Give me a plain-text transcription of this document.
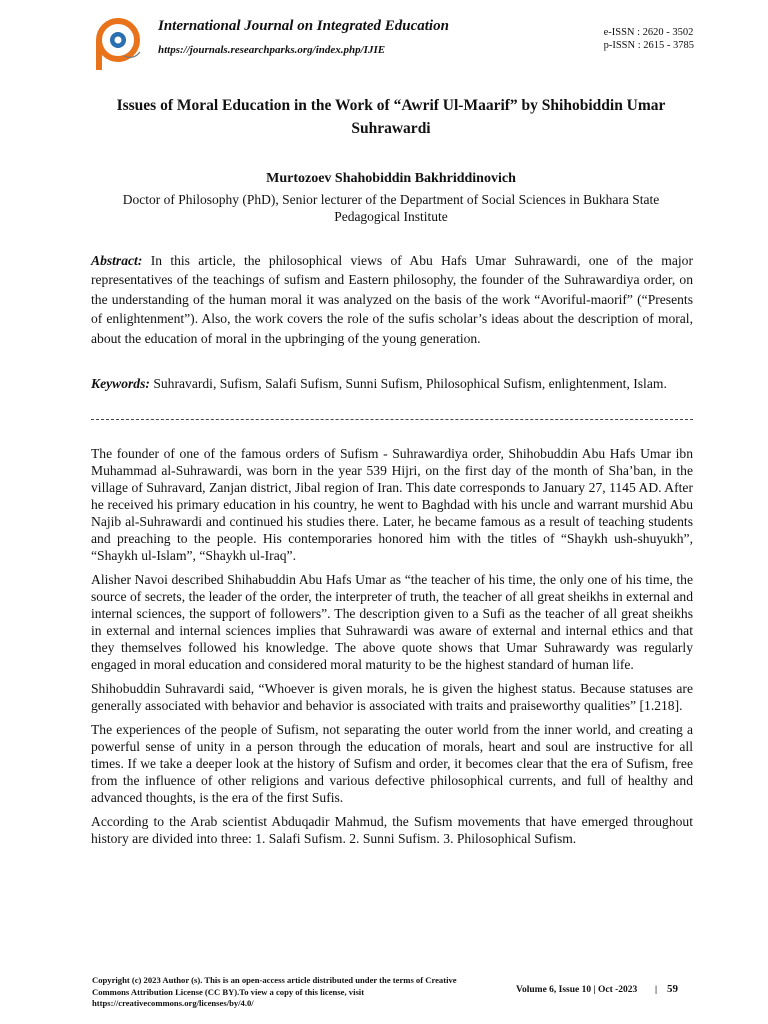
International Journal on Integrated Education
https://journals.researchparks.org/index.php/IJIE
e-ISSN : 2620 - 3502
p-ISSN : 2615 - 3785
Issues of Moral Education in the Work of “Awrif Ul-Maarif” by Shihobiddin Umar Suhrawardi
Murtozoev Shahobiddin Bakhriddinovich
Doctor of Philosophy (PhD), Senior lecturer of the Department of Social Sciences in Bukhara State Pedagogical Institute
Abstract: In this article, the philosophical views of Abu Hafs Umar Suhrawardi, one of the major representatives of the teachings of sufism and Eastern philosophy, the founder of the Suhrawardiya order, on the understanding of the human moral it was analyzed on the basis of the work “Avoriful-maorif” (“Presents of enlightenment”). Also, the work covers the role of the sufis scholar’s ideas about the description of moral, about the education of moral in the upbringing of the young generation.
Keywords: Suhravardi, Sufism, Salafi Sufism, Sunni Sufism, Philosophical Sufism, enlightenment, Islam.

The founder of one of the famous orders of Sufism - Suhrawardiya order, Shihobuddin Abu Hafs Umar ibn Muhammad al-Suhrawardi, was born in the year 539 Hijri, on the first day of the month of Sha’ban, in the village of Suhravard, Zanjan district, Jibal region of Iran. This date corresponds to January 27, 1145 AD. After he received his primary education in his country, he went to Baghdad with his uncle and warrant murshid Abu Najib al-Suhrawardi and continued his studies there. Later, he became famous as a result of teaching students and preaching to the people. His contemporaries honored him with the titles of “Shaykh ush-shuyukh”, “Shaykh ul-Islam”, “Shaykh ul-Iraq”.

Alisher Navoi described Shihabuddin Abu Hafs Umar as “the teacher of his time, the only one of his time, the source of secrets, the leader of the order, the interpreter of truth, the teacher of all great sheikhs in external and internal sciences, the support of followers”. The description given to a Sufi as the teacher of all great sheikhs in external and internal sciences implies that Suhrawardi was aware of external and internal ethics and that they themselves followed his knowledge. The above quote shows that Umar Suhrawardy was regularly engaged in moral education and considered moral maturity to be the highest standard of human life.

Shihobuddin Suhravardi said, “Whoever is given morals, he is given the highest status. Because statuses are generally associated with behavior and behavior is associated with traits and praiseworthy qualities” [1.218].

The experiences of the people of Sufism, not separating the outer world from the inner world, and creating a powerful sense of unity in a person through the education of morals, heart and soul are instructive for all times. If we take a deeper look at the history of Sufism and order, it becomes clear that the era of Sufism, free from the influence of other religions and various defective philosophical currents, and full of healthy and advanced thoughts, is the era of the first Sufis.

According to the Arab scientist Abduqadir Mahmud, the Sufism movements that have emerged throughout history are divided into three: 1. Salafi Sufism. 2. Sunni Sufism. 3. Philosophical Sufism.

Copyright (c) 2023 Author (s). This is an open-access article distributed under the terms of Creative Commons Attribution License (CC BY).To view a copy of this license, visit https://creativecommons.org/licenses/by/4.0/
Volume 6, Issue 10 | Oct -2023 | 59
